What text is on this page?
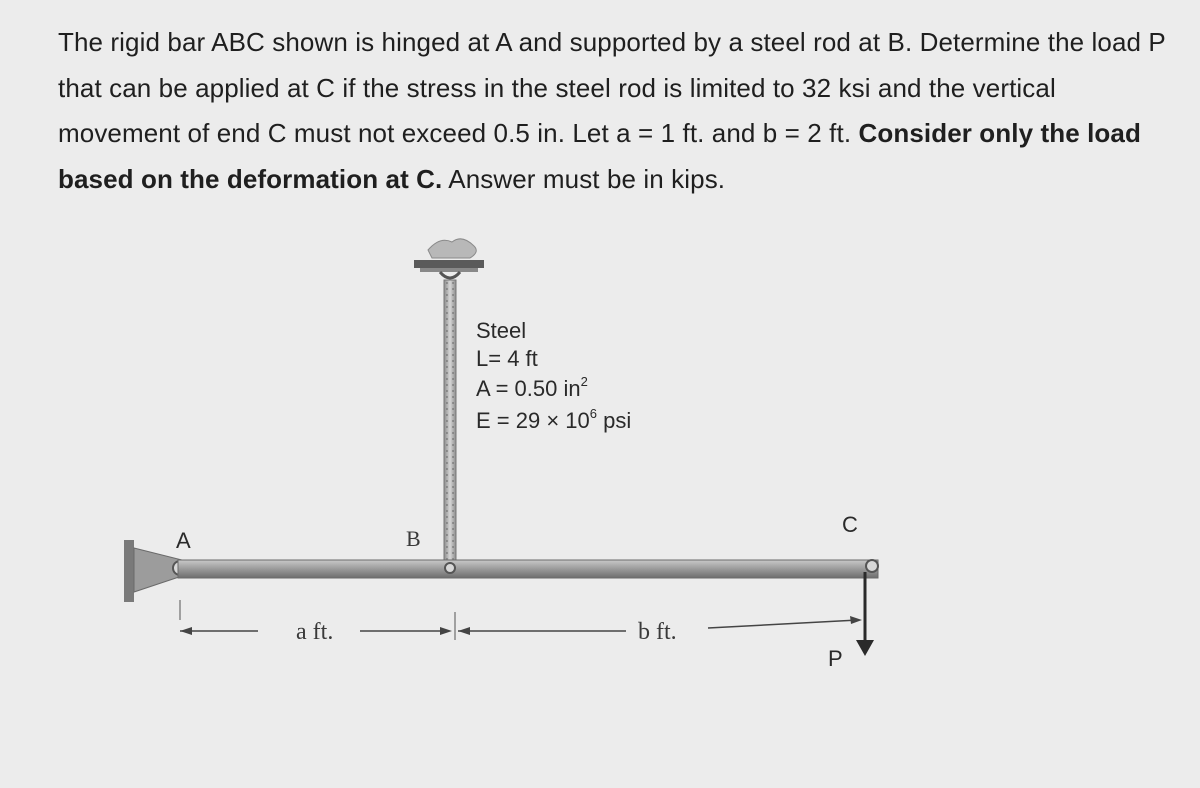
The rigid bar ABC shown is hinged at A and supported by a steel rod at B. Determine the load P that can be applied at C if the stress in the steel rod is limited to 32 ksi and the vertical movement of end C must not exceed 0.5 in. Let a = 1 ft. and b = 2 ft. Consider only the load based on the deformation at C. Answer must be in kips.
Steel
L= 4 ft
A = 0.50 $in^2$
$E = 29 \times 10^6$ psi
A	B
C
P
a ft.	b ft.
